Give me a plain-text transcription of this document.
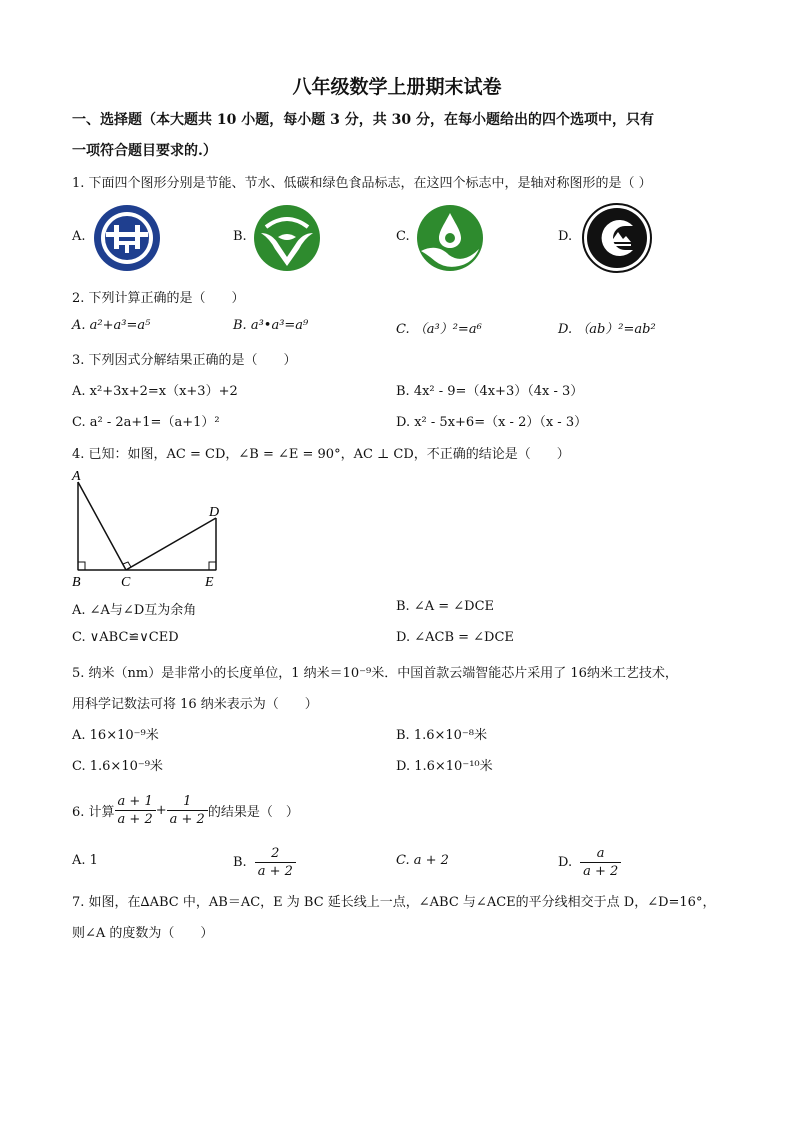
八年级数学上册期末试卷
一、选择题（本大题共 10 小题，每小题 3 分，共 30 分，在每小题给出的四个选项中，只有
一项符合题目要求的.）
1. 下面四个图形分别是节能、节水、低碳和绿色食品标志，在这四个标志中，是轴对称图形的是（ ）
A.	B.	C.	D.
2. 下列计算正确的是（　　）
A. a²+a³=a⁵	B. a³•a³=a⁹	C. （a³）²=a⁶	D. （ab）²=ab²
3. 下列因式分解结果正确的是（　　）
A. x²+3x+2=x（x+3）+2	B. 4x² - 9=（4x+3）（4x - 3）
C. a² - 2a+1=（a+1）²	D. x² - 5x+6=（x - 2）（x - 3）
4. 已知：如图，AC = CD，∠B = ∠E = 90°，AC ⊥ CD，不正确的结论是（　　）
A
B	C
D
E
A. ∠A与∠D互为余角	B. ∠A = ∠DCE
C. ∨ABC≌∨CED	D. ∠ACB = ∠DCE
5. 纳米（nm）是非常小的长度单位，1 纳米＝10⁻⁹米．中国首款云端智能芯片采用了 16纳米工艺技术，
用科学记数法可将 16 纳米表示为（　　）
A. 16×10⁻⁹米	B. 1.6×10⁻⁸米
C. 1.6×10⁻⁹米	D. 1.6×10⁻¹⁰米
6. 计算 $\frac{a + 1}{a + 2} + \frac{1}{a + 2}$ 的结果是（　）
A. 1	B. $\frac{2}{a + 2}$	C. a + 2	D. $\frac{a}{a + 2}$
7. 如图，在∆ABC 中，AB＝AC，E 为 BC 延长线上一点，∠ABC 与∠ACE的平分线相交于点 D，∠D=16°，
则∠A 的度数为（　　）
